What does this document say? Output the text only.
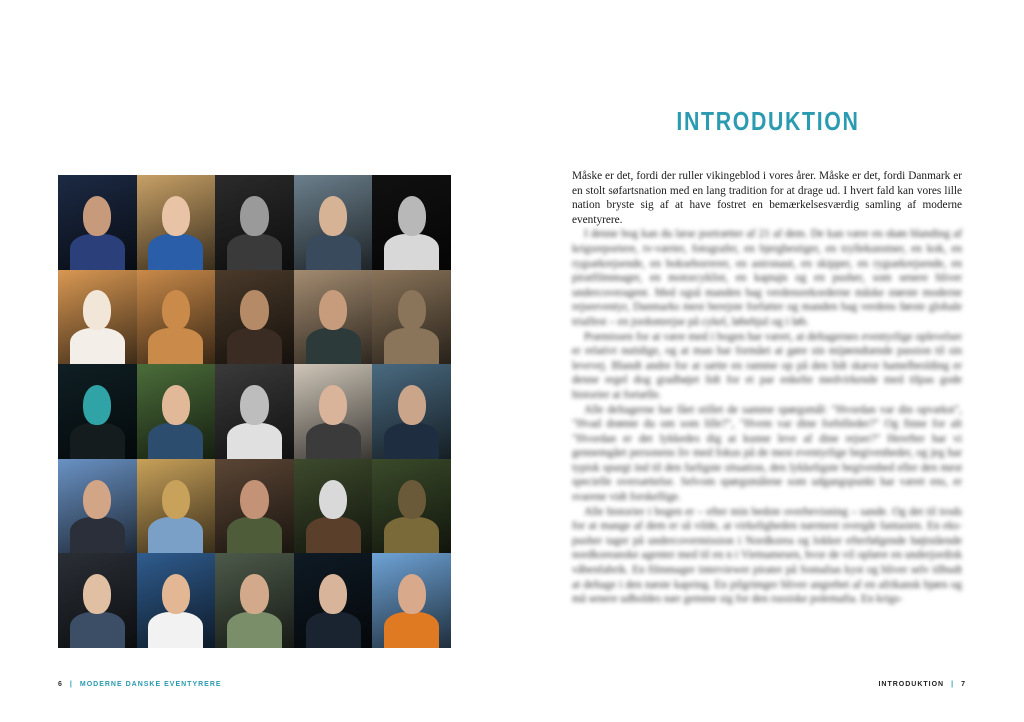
6 | MODERNE DANSKE EVENTYRERE
INTRODUKTION

Måske er det, fordi der ruller vikingeblod i vores årer. Måske er det, fordi Danmark er en stolt søfartsnation med en lang tradition for at drage ud. I hvert fald kan vores lille nation bryste sig af at have fostret en bemærkelsesværdig samling af moderne eventyrere.

I denne bog kan du læse portrætter af 21 af dem. De kan være en skøn blanding af krigsreportere, tv-værter, fotografer, en bjergbestiger, en tryllekunstner, en kok, en rygsækrejsende, en bokseborrerer, en astronaut, en skipper, en rygsækrejsende, en piratfilmmager, en motorcyklist, en kaptajn og en pusher, som senere bliver undercoveragent. Med også manden bag verdensrekorderne måske største moderne rejseeventyr, Danmarks mest berejste forfatter og manden bag verdens første globale trialfest – en jordomrejse på cykel, løbehjul og i løb.

Præmissen for at være med i bogen har været, at deltagernes eventyrlige oplevelser er relativt nutidige, og at man har formået at gøre sin mijøendtænde passion til sin levevej. Blandt andre for at sætte en ramme op på den lidt skæve hamelbeslding er denne regel dog gradbøjet lidt for et par enkelte medvirkende med tilpas gode historier at fortælle.

Alle deltagerne har fået stillet de samme spørgsmål: "Hvordan var din opvækst", "Hvad drømte du om som lille?", "Hvem var dine forbilleder?" Og finne for alt "Hvordan er det lykkedes dig at kunne leve af dine rejser?" Herefter har vi gennemgået personens liv med fokus på de mest eventyrlige begivenheder, og jeg har typisk spurgt ind til den farligste situation, den lykkeligste begivenhed eller den mest specielle oversættelse. Selvom spørgsmålene som udgangspunkt har været ens, er svarene vidt forskellige.

Alle historier i bogen er – efter min bedste overbevisning – sande. Og det til trods for at mange af dem er så vilde, at virkeligheden nærmest overgår fantasien. En eks-pusher tager på undercovermission i Nordkorea og lokker efterfølgende højtstående nordkoreanske agenter med til en n i Vietnamesen, hvor de vil oplære en underjordisk våbenfabrik. En filmmager interviewer pirater på Somalias kyst og bliver selv tilbudt at deltage i den næste kapring. En pilgrimger bliver angrebet af en afrikansk bjørn og må senere udholdes nær gemme sig for den russiske polemafia. En krigs-

INTRODUKTION | 7
